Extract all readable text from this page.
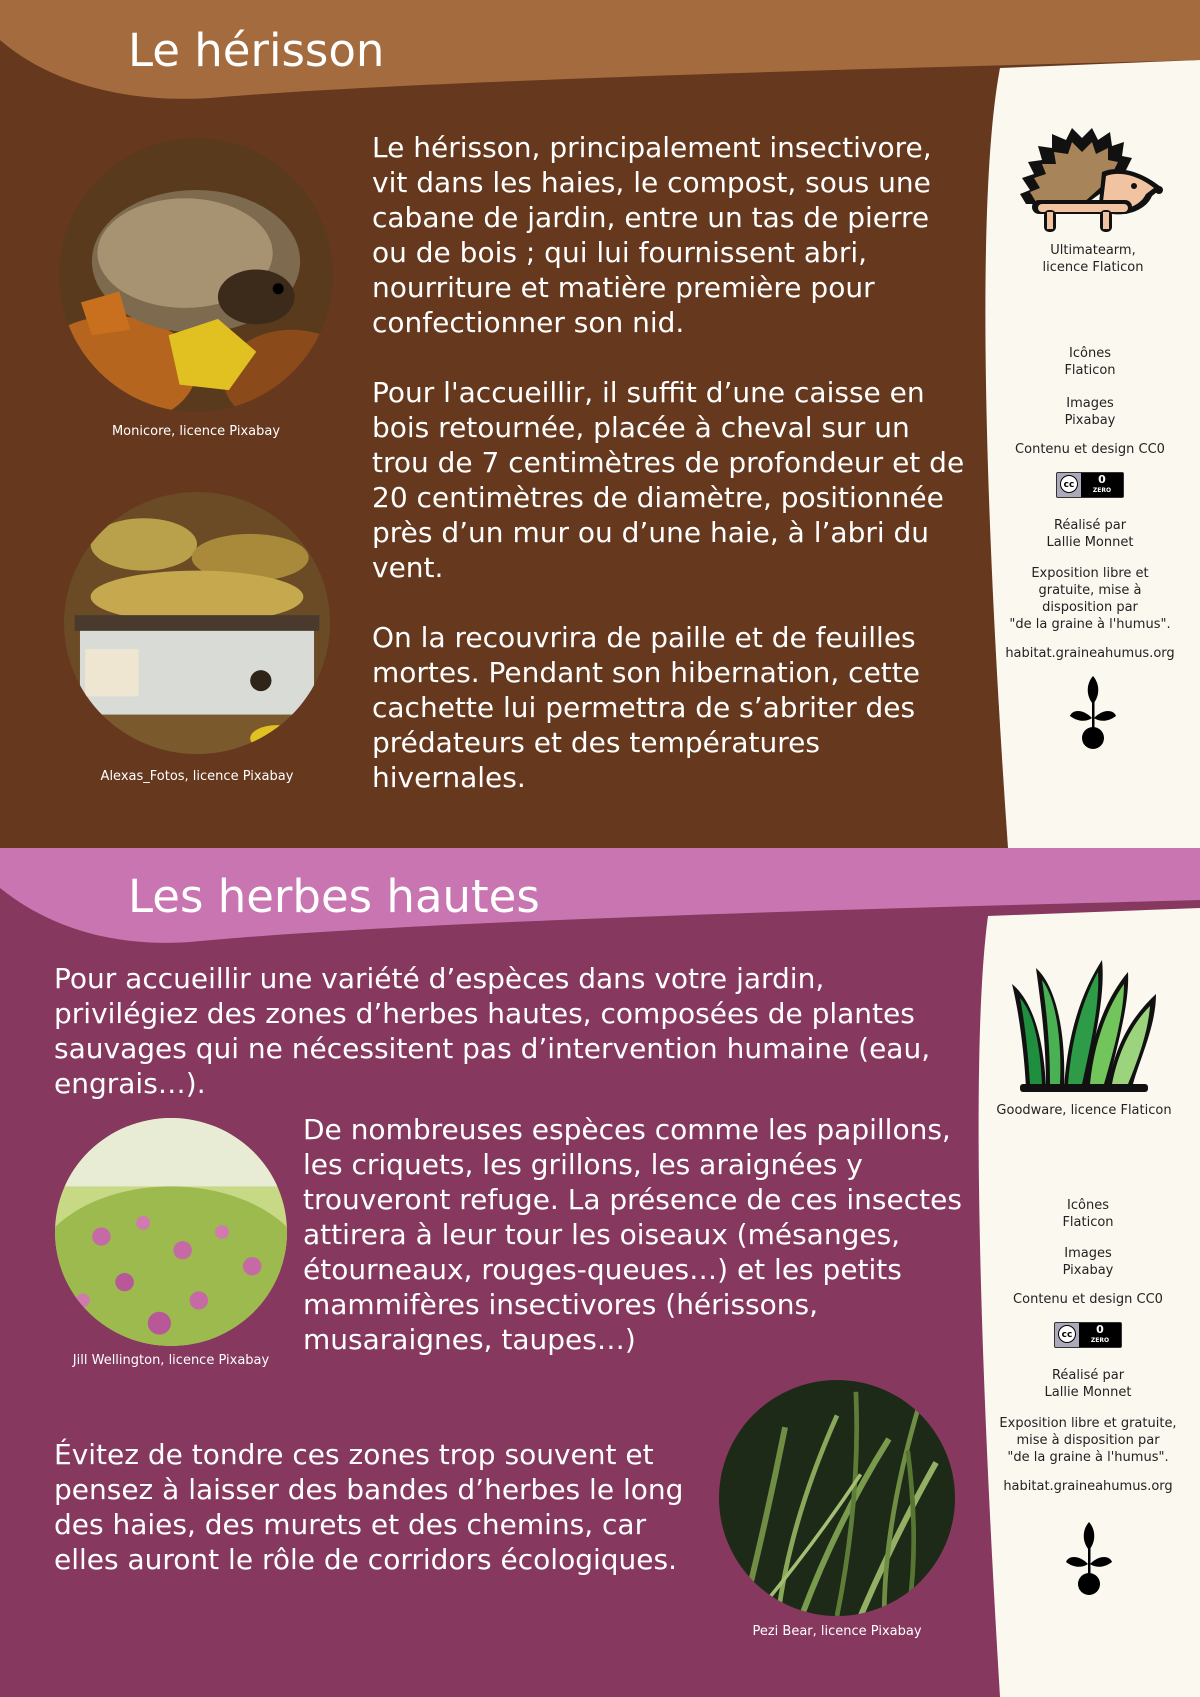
Le hérisson

Monicore, licence Pixabay

Alexas_Fotos, licence Pixabay

Le hérisson, principalement insectivore, vit dans les haies, le compost, sous une cabane de jardin, entre un tas de pierre ou de bois ; qui lui fournissent abri, nourriture et matière première pour confectionner son nid.

Pour l'accueillir, il suffit d’une caisse en bois retournée, placée à cheval sur un trou de 7 centimètres de profondeur et de 20 centimètres de diamètre, positionnée près d’un mur ou d’une haie, à l’abri du vent.

On la recouvrira de paille et de feuilles mortes. Pendant son hibernation, cette cachette lui permettra de s’abriter des prédateurs et des températures hivernales.

Ultimatearm,

licence Flaticon

Icônes

Flaticon

Images

Pixabay

Contenu et design CC0

cc	0
ZERO

Réalisé par

Lallie Monnet

Exposition libre et

gratuite, mise à

disposition par

"de la graine à l'humus".

habitat.graineahumus.org

Les herbes hautes

Pour accueillir une variété d’espèces dans votre jardin, privilégiez des zones d’herbes hautes, composées de plantes sauvages qui ne nécessitent pas d’intervention humaine (eau, engrais…).

Jill Wellington, licence Pixabay

De nombreuses espèces comme les papillons, les criquets, les grillons, les araignées y trouveront refuge. La présence de ces insectes attirera à leur tour les oiseaux (mésanges, étourneaux, rouges-queues…) et les petits mammifères insectivores (hérissons, musaraignes, taupes…)

Évitez de tondre ces zones trop souvent et pensez à laisser des bandes d’herbes le long des haies, des murets et des chemins, car elles auront le rôle de corridors écologiques.

Pezi Bear, licence Pixabay

Goodware, licence Flaticon

Icônes

Flaticon

Images

Pixabay

Contenu et design CC0

cc	0
ZERO

Réalisé par

Lallie Monnet

Exposition libre et gratuite,

mise à disposition par

"de la graine à l'humus".

habitat.graineahumus.org
